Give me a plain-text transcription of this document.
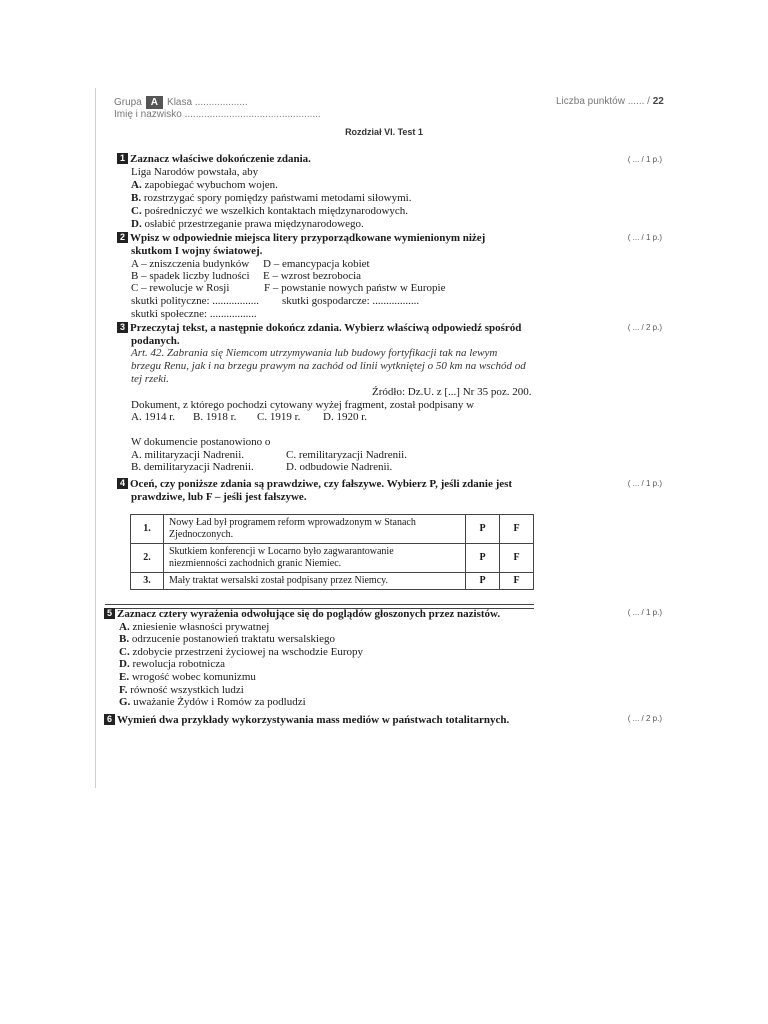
Grupa A Klasa ...................
Imię i nazwisko .................................................
Liczba punktów ...... / 22
Rozdział VI. Test 1
1 Zaznacz właściwe dokończenie zdania.	( ... / 1 p.)
Liga Narodów powstała, aby
A. zapobiegać wybuchom wojen.
B. rozstrzygać spory pomiędzy państwami metodami siłowymi.
C. pośredniczyć we wszelkich kontaktach międzynarodowych.
D. osłabić przestrzeganie prawa międzynarodowego.
2 Wpisz w odpowiednie miejsca litery przyporządkowane wymienionym niżej
skutkom I wojny światowej.
( ... / 1 p.)
A – zniszczenia budynków D – emancypacja kobiet
B – spadek liczby ludności E – wzrost bezrobocia
C – rewolucje w Rosji	F – powstanie nowych państw w Europie
skutki polityczne: ................. skutki gospodarcze: .................
skutki społeczne: .................
3 Przeczytaj tekst, a następnie dokończ zdania. Wybierz właściwą odpowiedź spośród
podanych.
( ... / 2 p.)
Art. 42. Zabrania się Niemcom utrzymywania lub budowy fortyfikacji tak na lewym
brzegu Renu, jak i na brzegu prawym na zachód od linii wytkniętej o 50 km na wschód od
tej rzeki.
Źródło: Dz.U. z [...] Nr 35 poz. 200.
Dokument, z którego pochodzi cytowany wyżej fragment, został podpisany w
A. 1914 r. B. 1918 r. C. 1919 r. D. 1920 r.
W dokumencie postanowiono o
A. militaryzacji Nadrenii.	C. remilitaryzacji Nadrenii.
B. demilitaryzacji Nadrenii.	D. odbudowie Nadrenii.
4 Oceń, czy poniższe zdania są prawdziwe, czy fałszywe. Wybierz P, jeśli zdanie jest
prawdziwe, lub F – jeśli jest fałszywe.
( ... / 1 p.)
1.	Nowy Ład był programem reform wprowadzonym w Stanach
Zjednoczonych.	P	F
2.	Skutkiem konferencji w Locarno było zagwarantowanie
niezmienności zachodnich granic Niemiec.	P	F
3.	Mały traktat wersalski został podpisany przez Niemcy.	P	F
5 Zaznacz cztery wyrażenia odwołujące się do poglądów głoszonych przez nazistów.	( ... / 1 p.)
A. zniesienie własności prywatnej
B. odrzucenie postanowień traktatu wersalskiego
C. zdobycie przestrzeni życiowej na wschodzie Europy
D. rewolucja robotnicza
E. wrogość wobec komunizmu
F. równość wszystkich ludzi
G. uważanie Żydów i Romów za podludzi
6 Wymień dwa przykłady wykorzystywania mass mediów w państwach totalitarnych.	( ... / 2 p.)
